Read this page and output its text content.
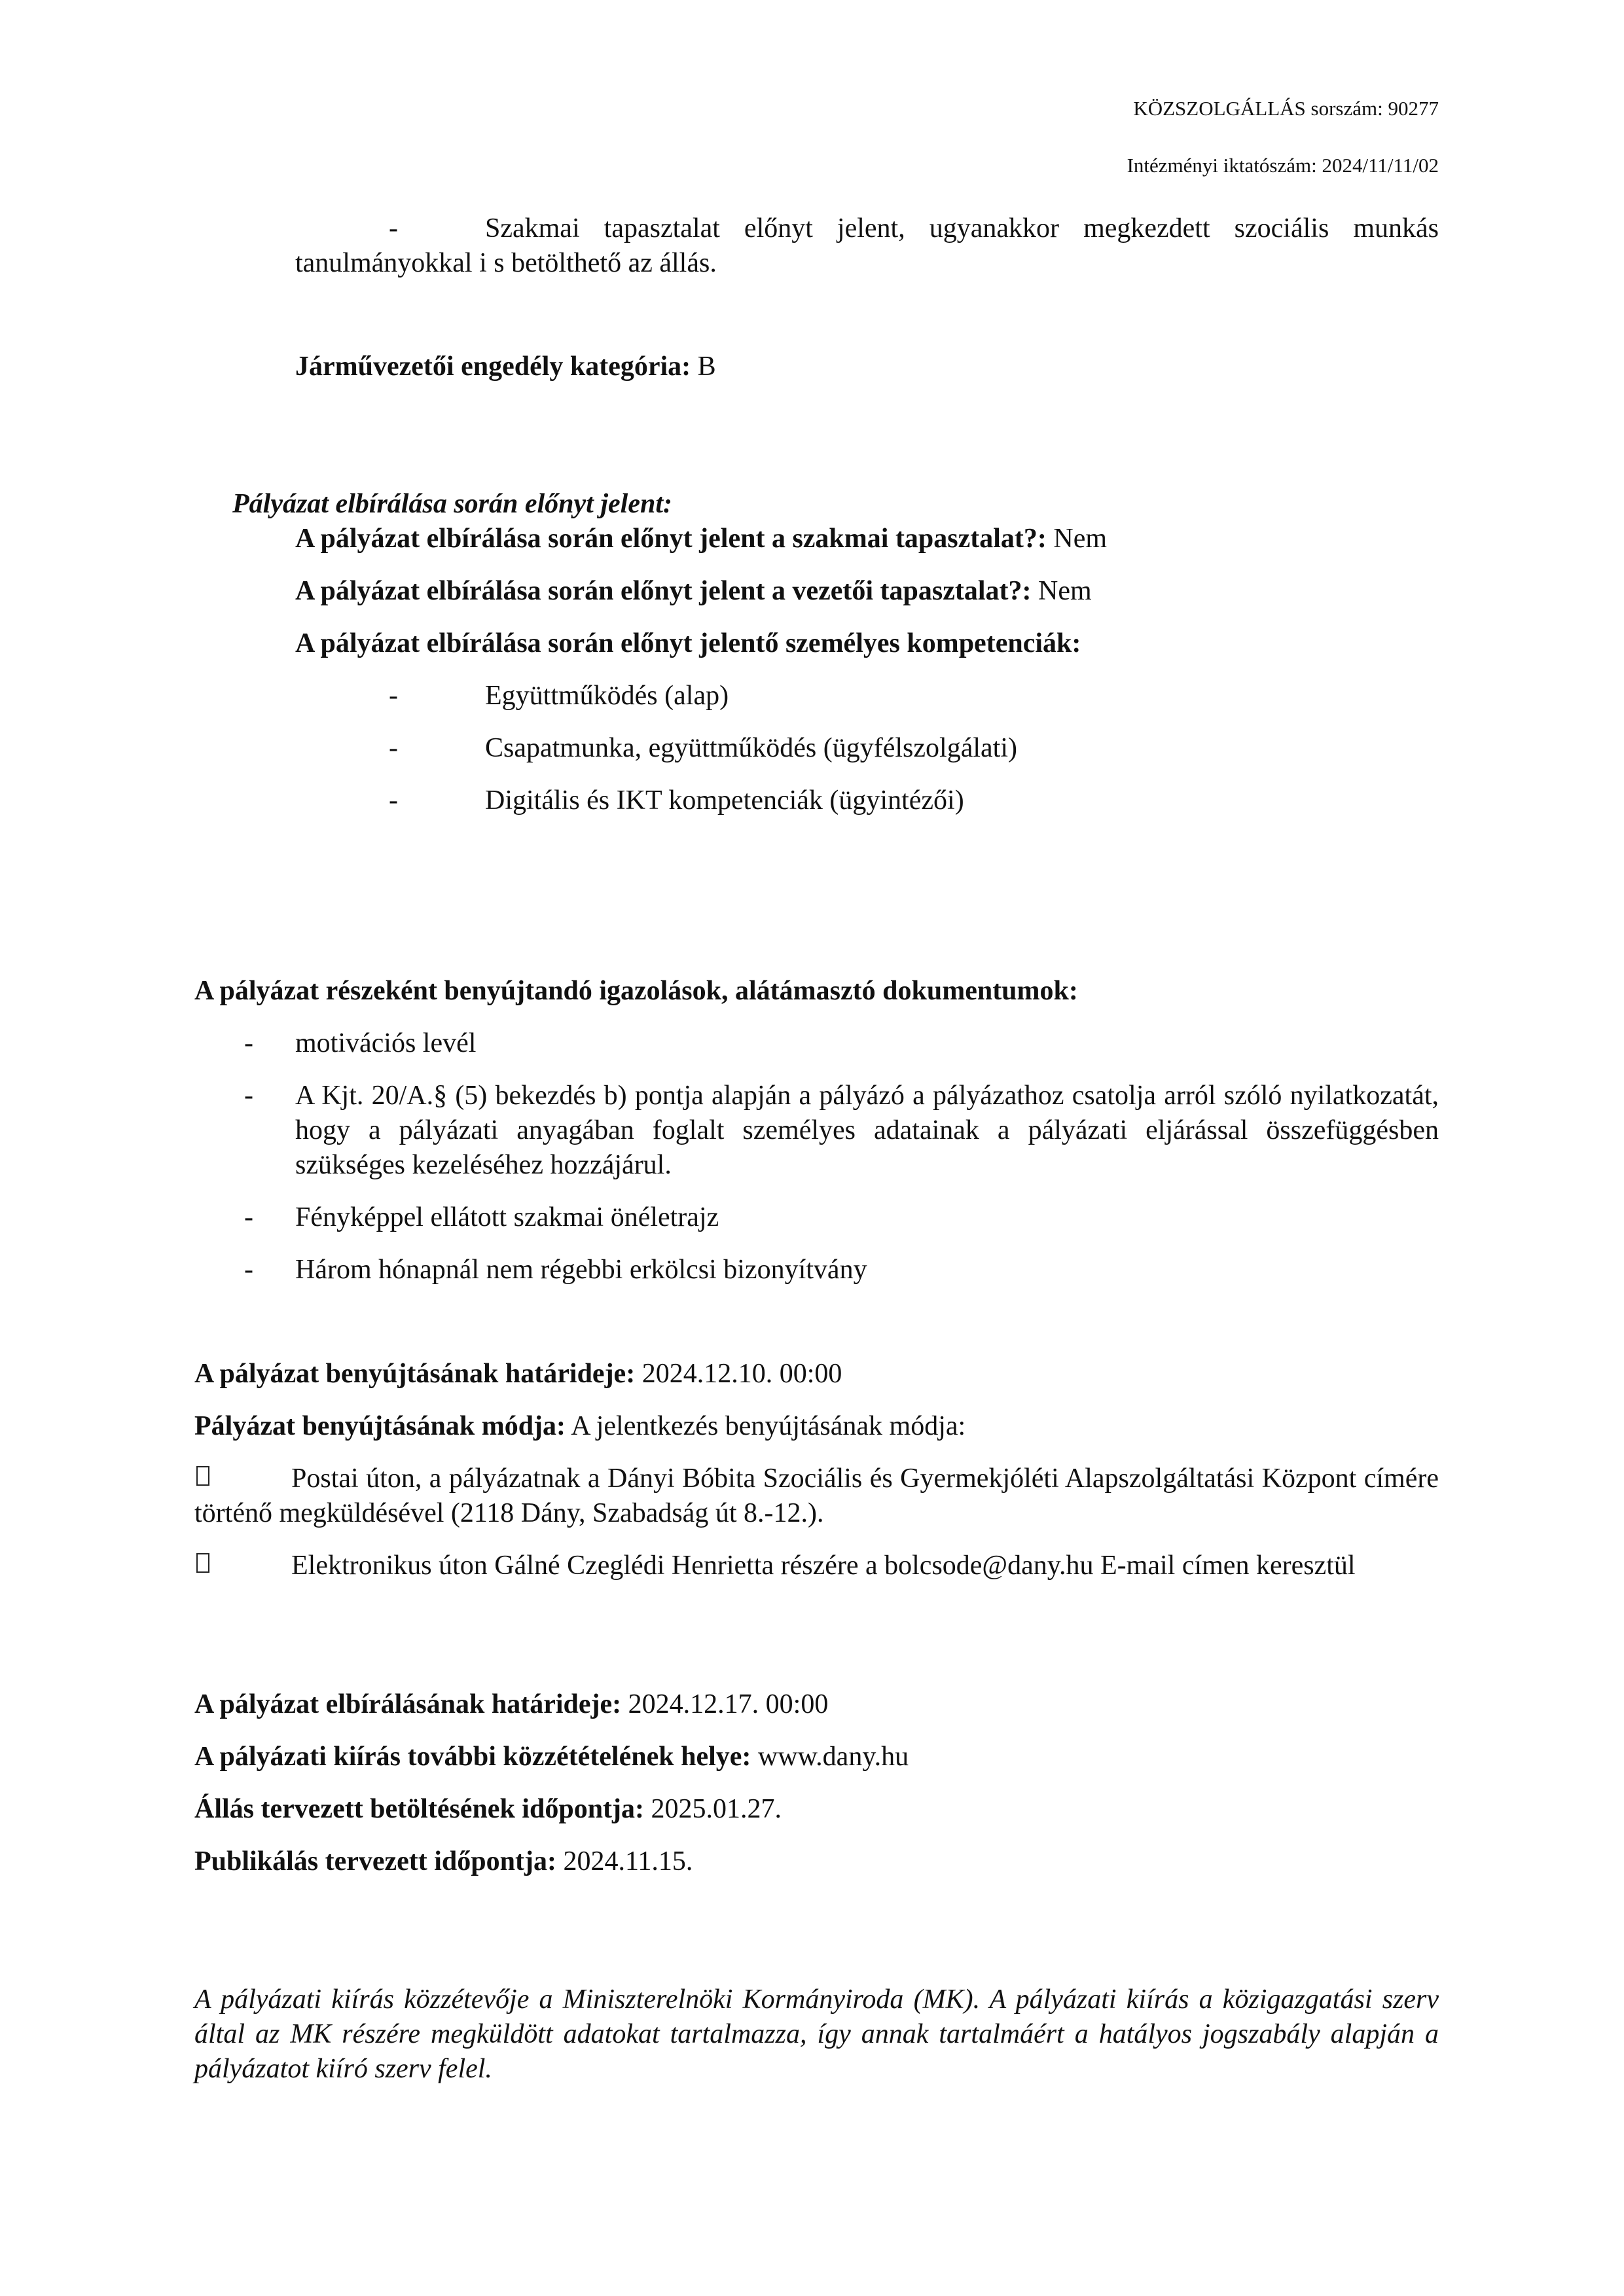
KÖZSZOLGÁLLÁS sorszám: 90277
Intézményi iktatószám: 2024/11/11/02
-	Szakmai tapasztalat előnyt jelent, ugyanakkor megkezdett szociális munkás tanulmányokkal i s betölthető az állás.
Járművezetői engedély kategória: B
Pályázat elbírálása során előnyt jelent:
A pályázat elbírálása során előnyt jelent a szakmai tapasztalat?: Nem
A pályázat elbírálása során előnyt jelent a vezetői tapasztalat?: Nem
A pályázat elbírálása során előnyt jelentő személyes kompetenciák:
-	Együttműködés (alap)
-	Csapatmunka, együttműködés (ügyfélszolgálati)
-	Digitális és IKT kompetenciák (ügyintézői)
A pályázat részeként benyújtandó igazolások, alátámasztó dokumentumok:
- motivációs levél
- A Kjt. 20/A.§ (5) bekezdés b) pontja alapján a pályázó a pályázathoz csatolja arról szóló nyilatkozatát, hogy a pályázati anyagában foglalt személyes adatainak a pályázati eljárással összefüggésben szükséges kezeléséhez hozzájárul.
- Fényképpel ellátott szakmai önéletrajz
- Három hónapnál nem régebbi erkölcsi bizonyítvány
A pályázat benyújtásának határideje: 2024.12.10. 00:00
Pályázat benyújtásának módja: A jelentkezés benyújtásának módja:
Postai úton, a pályázatnak a Dányi Bóbita Szociális és Gyermekjóléti Alapszolgáltatási Központ címére történő megküldésével (2118 Dány, Szabadság út 8.-12.).
Elektronikus úton Gálné Czeglédi Henrietta részére a bolcsode@dany.hu E-mail címen keresztül
A pályázat elbírálásának határideje: 2024.12.17. 00:00
A pályázati kiírás további közzétételének helye: www.dany.hu
Állás tervezett betöltésének időpontja: 2025.01.27.
Publikálás tervezett időpontja: 2024.11.15.
A pályázati kiírás közzétevője a Miniszterelnöki Kormányiroda (MK). A pályázati kiírás a közigazgatási szerv által az MK részére megküldött adatokat tartalmazza, így annak tartalmáért a hatályos jogszabály alapján a pályázatot kiíró szerv felel.
